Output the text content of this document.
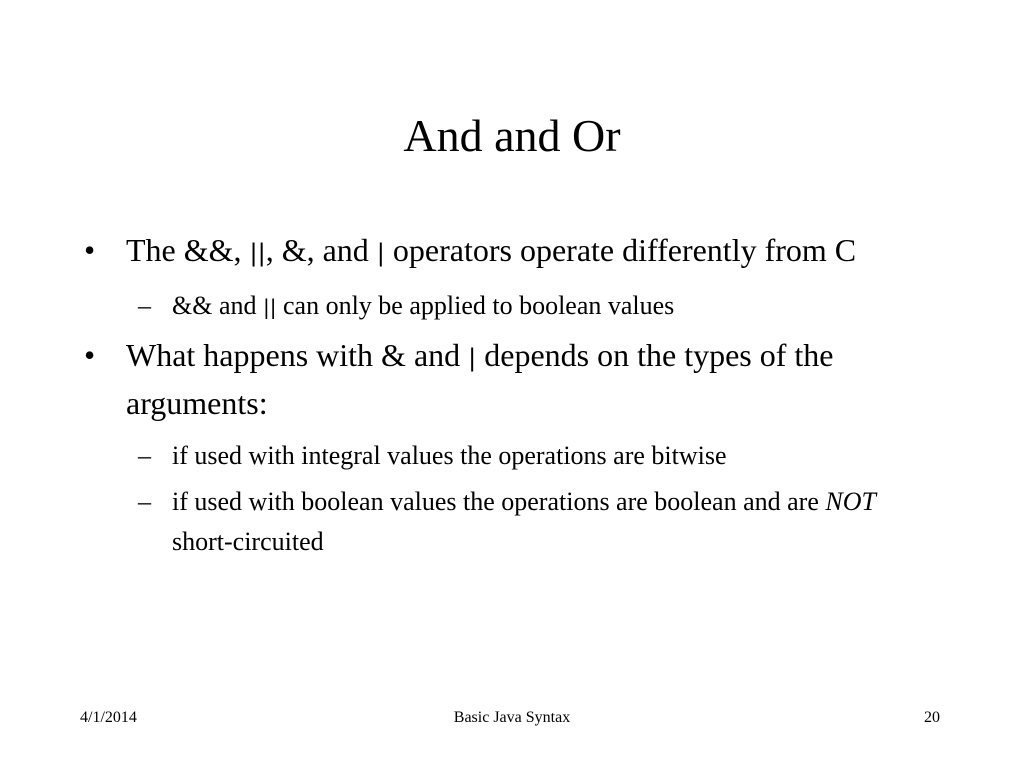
And and Or
• The &&, ||, &, and | operators operate differently from C
– && and || can only be applied to boolean values
• What happens with & and | depends on the types of the arguments:
– if used with integral values the operations are bitwise
– if used with boolean values the operations are boolean and are NOT short-circuited
4/1/2014	Basic Java Syntax	20
